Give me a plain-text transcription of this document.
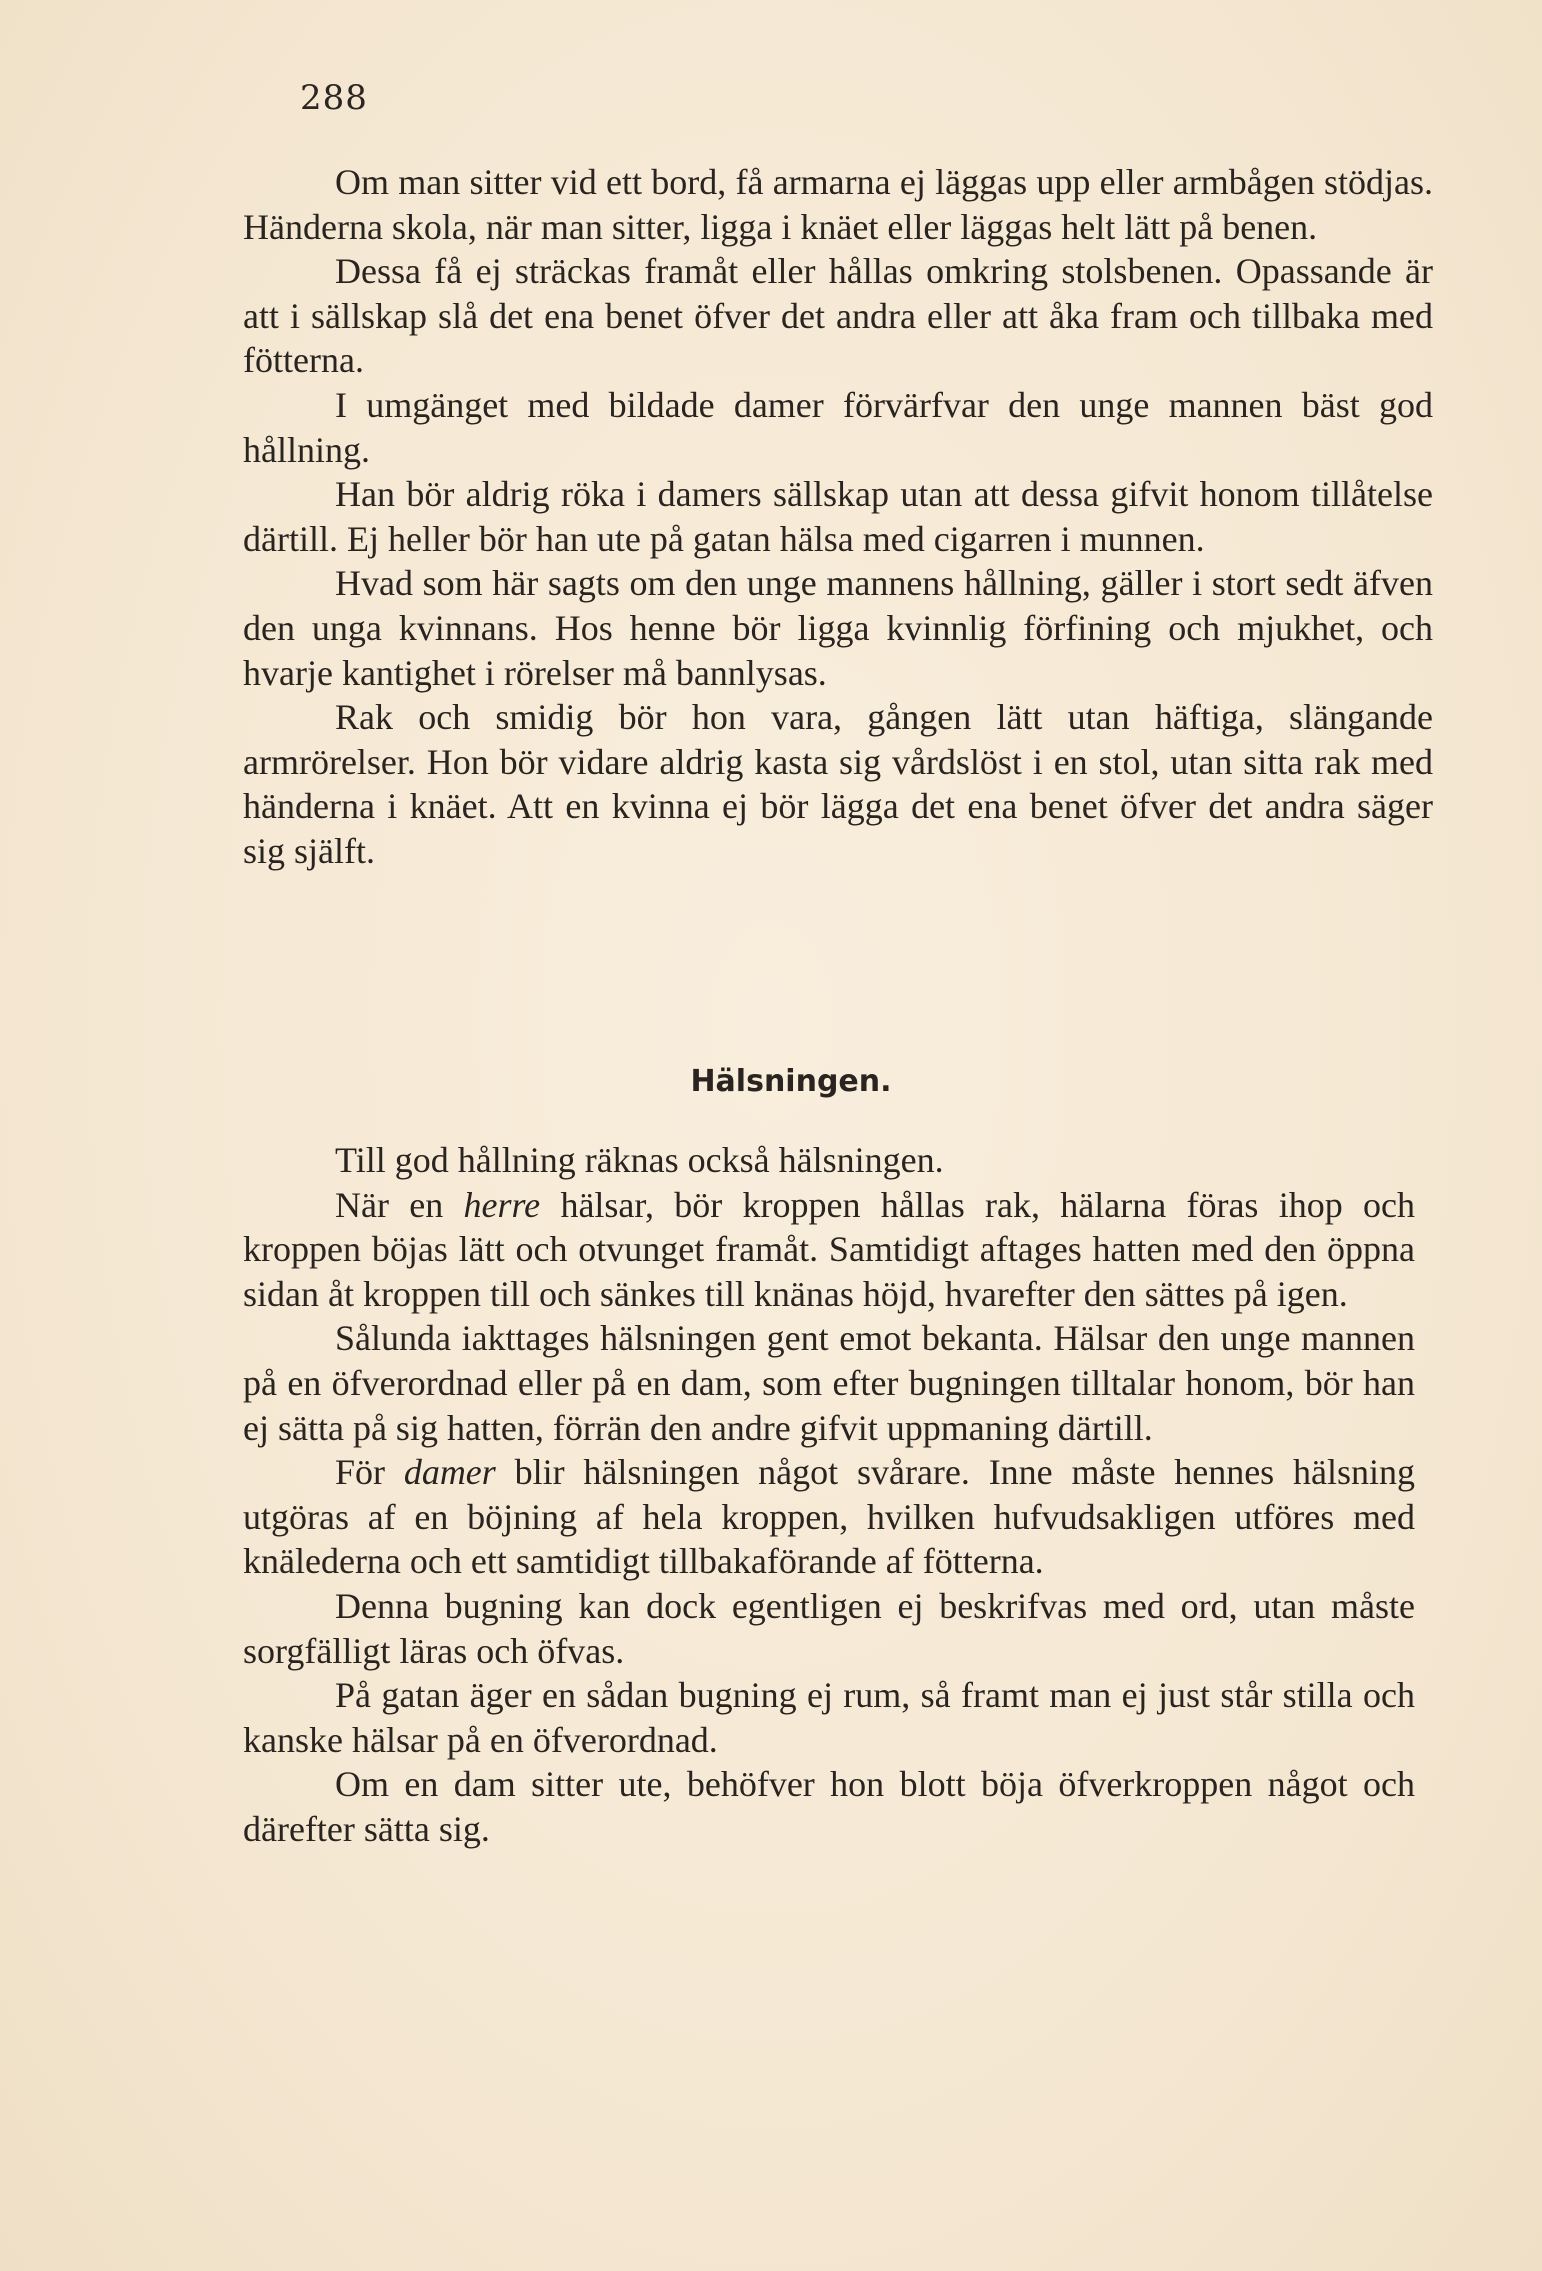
288

Om man sitter vid ett bord, få armarna ej läggas upp eller armbågen stödjas. Händerna skola, när man sitter, ligga i knäet eller läggas helt lätt på benen.

Dessa få ej sträckas framåt eller hållas omkring stolsbenen. Opassande är att i sällskap slå det ena benet öfver det andra eller att åka fram och tillbaka med fötterna.

I umgänget med bildade damer förvärfvar den unge mannen bäst god hållning.

Han bör aldrig röka i damers sällskap utan att dessa gifvit honom tillåtelse därtill. Ej heller bör han ute på gatan hälsa med cigarren i munnen.

Hvad som här sagts om den unge mannens hållning, gäller i stort sedt äfven den unga kvinnans. Hos henne bör ligga kvinnlig förfining och mjukhet, och hvarje kantighet i rörelser må bannlysas.

Rak och smidig bör hon vara, gången lätt utan häftiga, slängande armrörelser. Hon bör vidare aldrig kasta sig vårdslöst i en stol, utan sitta rak med händerna i knäet. Att en kvinna ej bör lägga det ena benet öfver det andra säger sig själft.

Hälsningen.

Till god hållning räknas också hälsningen.

När en herre hälsar, bör kroppen hållas rak, hälarna föras ihop och kroppen böjas lätt och otvunget framåt. Samtidigt aftages hatten med den öppna sidan åt kroppen till och sänkes till knänas höjd, hvarefter den sättes på igen.

Sålunda iakttages hälsningen gent emot bekanta. Hälsar den unge mannen på en öfverordnad eller på en dam, som efter bugningen tilltalar honom, bör han ej sätta på sig hatten, förrän den andre gifvit uppmaning därtill.

För damer blir hälsningen något svårare. Inne måste hennes hälsning utgöras af en böjning af hela kroppen, hvilken hufvudsakligen utföres med knälederna och ett samtidigt tillbakaförande af fötterna.

Denna bugning kan dock egentligen ej beskrifvas med ord, utan måste sorgfälligt läras och öfvas.

På gatan äger en sådan bugning ej rum, så framt man ej just står stilla och kanske hälsar på en öfverordnad.

Om en dam sitter ute, behöfver hon blott böja öfverkroppen något och därefter sätta sig.
